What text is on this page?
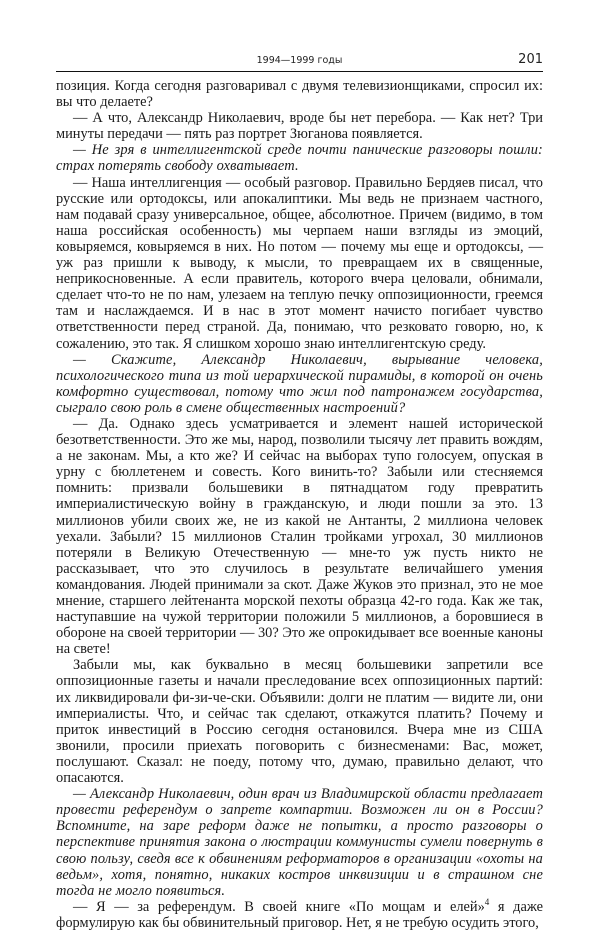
1994—1999 годы	201

позиция. Когда сегодня разговаривал с двумя телевизионщиками, спросил их: вы что делаете?

— А что, Александр Николаевич, вроде бы нет перебора. — Как нет? Три минуты передачи — пять раз портрет Зюганова появляется.

— Не зря в интеллигентской среде почти панические разговоры пошли: страх потерять свободу охватывает.

— Наша интеллигенция — особый разговор. Правильно Бердяев писал, что русские или ортодоксы, или апокалиптики. Мы ведь не признаем частного, нам подавай сразу универсальное, общее, абсолютное. Причем (видимо, в том наша российская особенность) мы черпаем наши взгляды из эмоций, ковыряемся, ковыряемся в них. Но потом — почему мы еще и ортодоксы, — уж раз пришли к выводу, к мысли, то превращаем их в священные, неприкосновенные. А если правитель, которого вчера целовали, обнимали, сделает что-то не по нам, улезаем на теплую печку оппозиционности, греемся там и наслаждаемся. И в нас в этот момент начисто погибает чувство ответственности перед страной. Да, понимаю, что резковато говорю, но, к сожалению, это так. Я слишком хорошо знаю интеллигентскую среду.

— Скажите, Александр Николаевич, вырывание человека, психологического типа из той иерархической пирамиды, в которой он очень комфортно существовал, потому что жил под патронажем государства, сыграло свою роль в смене общественных настроений?

— Да. Однако здесь усматривается и элемент нашей исторической безответственности. Это же мы, народ, позволили тысячу лет править вождям, а не законам. Мы, а кто же? И сейчас на выборах тупо голосуем, опуская в урну с бюллетенем и совесть. Кого винить-то? Забыли или стесняемся помнить: призвали большевики в пятнадцатом году превратить империалистическую войну в гражданскую, и люди пошли за это. 13 миллионов убили своих же, не из какой не Антанты, 2 миллиона человек уехали. Забыли? 15 миллионов Сталин тройками угрохал, 30 миллионов потеряли в Великую Отечественную — мне-то уж пусть никто не рассказывает, что это случилось в результате величайшего умения командования. Людей принимали за скот. Даже Жуков это признал, это не мое мнение, старшего лейтенанта морской пехоты образца 42-го года. Как же так, наступавшие на чужой территории положили 5 миллионов, а боровшиеся в обороне на своей территории — 30? Это же опрокидывает все военные каноны на свете!

Забыли мы, как буквально в месяц большевики запретили все оппозиционные газеты и начали преследование всех оппозиционных партий: их ликвидировали фи-зи-че-ски. Объявили: долги не платим — видите ли, они империалисты. Что, и сейчас так сделают, откажутся платить? Почему и приток инвестиций в Россию сегодня остановился. Вчера мне из США звонили, просили приехать поговорить с бизнесменами: Вас, может, послушают. Сказал: не поеду, потому что, думаю, правильно делают, что опасаются.

— Александр Николаевич, один врач из Владимирской области предлагает провести референдум о запрете компартии. Возможен ли он в России? Вспомните, на заре реформ даже не попытки, а просто разговоры о перспективе принятия закона о люстрации коммунисты сумели повернуть в свою пользу, сведя все к обвинениям реформаторов в организации «охоты на ведьм», хотя, понятно, никаких костров инквизиции и в страшном сне тогда не могло появиться.

— Я — за референдум. В своей книге «По мощам и елей»$^4$ я даже формулирую как бы обвинительный приговор. Нет, я не требую осудить этого,
